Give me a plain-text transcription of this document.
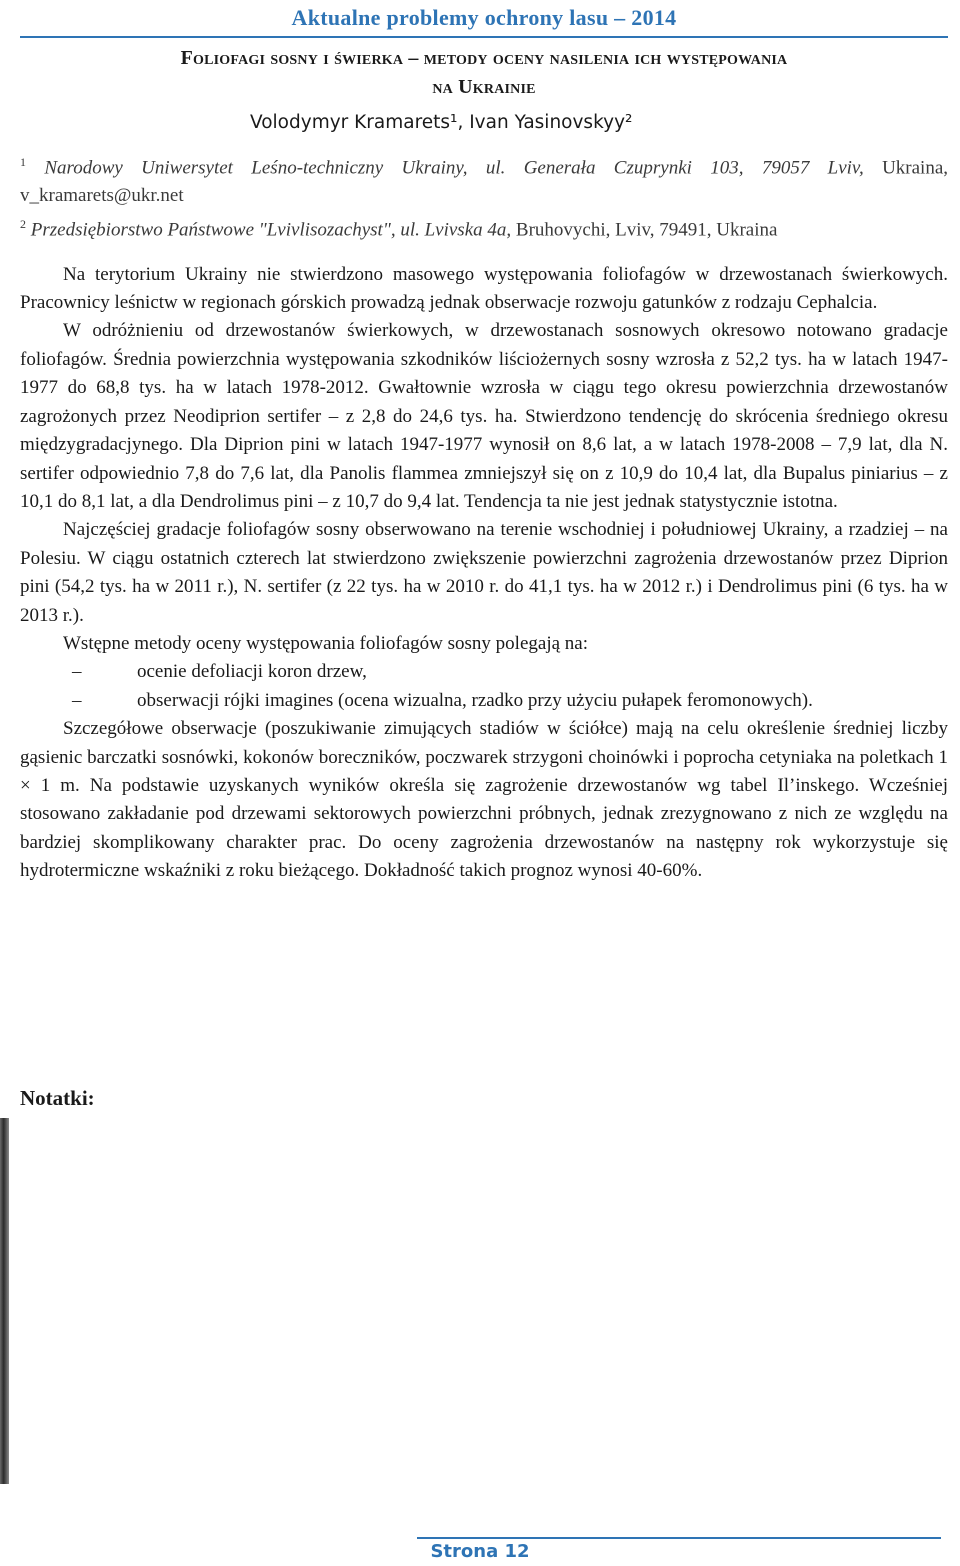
Aktualne problemy ochrony lasu – 2014
Foliofagi sosny i świerka – metody oceny nasilenia ich występowania
na Ukrainie
Volodymyr Kramarets¹, Ivan Yasinovskyy²
$^1$ Narodowy Uniwersytet Leśno-techniczny Ukrainy, ul. Generała Czuprynki 103, 79057 Lviv, Ukraina, v_kramarets@ukr.net
$^2$ Przedsiębiorstwo Państwowe "Lvivlisozachyst", ul. Lvivska 4a, Bruhovychi, Lviv, 79491, Ukraina

Na terytorium Ukrainy nie stwierdzono masowego występowania foliofagów w drzewostanach świerkowych. Pracownicy leśnictw w regionach górskich prowadzą jednak obserwacje rozwoju gatunków z rodzaju Cephalcia.

W odróżnieniu od drzewostanów świerkowych, w drzewostanach sosnowych okresowo notowano gradacje foliofagów. Średnia powierzchnia występowania szkodników liściożernych sosny wzrosła z 52,2 tys. ha w latach 1947-1977 do 68,8 tys. ha w latach 1978-2012. Gwałtownie wzrosła w ciągu tego okresu powierzchnia drzewostanów zagrożonych przez Neodiprion sertifer – z 2,8 do 24,6 tys. ha. Stwierdzono tendencję do skrócenia średniego okresu międzygradacjynego. Dla Diprion pini w latach 1947-1977 wynosił on 8,6 lat, a w latach 1978-2008 – 7,9 lat, dla N. sertifer odpowiednio 7,8 do 7,6 lat, dla Panolis flammea zmniejszył się on z 10,9 do 10,4 lat, dla Bupalus piniarius – z 10,1 do 8,1 lat, a dla Dendrolimus pini – z 10,7 do 9,4 lat. Tendencja ta nie jest jednak statystycznie istotna.

Najczęściej gradacje foliofagów sosny obserwowano na terenie wschodniej i południowej Ukrainy, a rzadziej – na Polesiu. W ciągu ostatnich czterech lat stwierdzono zwiększenie powierzchni zagrożenia drzewostanów przez Diprion pini (54,2 tys. ha w 2011 r.), N. sertifer (z 22 tys. ha w 2010 r. do 41,1 tys. ha w 2012 r.) i Dendrolimus pini (6 tys. ha w 2013 r.).

Wstępne metody oceny występowania foliofagów sosny polegają na:

–	ocenie defoliacji koron drzew,
–	obserwacji rójki imagines (ocena wizualna, rzadko przy użyciu pułapek feromonowych).

Szczegółowe obserwacje (poszukiwanie zimujących stadiów w ściółce) mają na celu określenie średniej liczby gąsienic barczatki sosnówki, kokonów boreczników, poczwarek strzygoni choinówki i poprocha cetyniaka na poletkach 1 × 1 m. Na podstawie uzyskanych wyników określa się zagrożenie drzewostanów wg tabel Il’inskego. Wcześniej stosowano zakładanie pod drzewami sektorowych powierzchni próbnych, jednak zrezygnowano z nich ze względu na bardziej skomplikowany charakter prac. Do oceny zagrożenia drzewostanów na następny rok wykorzystuje się hydrotermiczne wskaźniki z roku bieżącego. Dokładność takich prognoz wynosi 40-60%.

Notatki:
Strona 12
